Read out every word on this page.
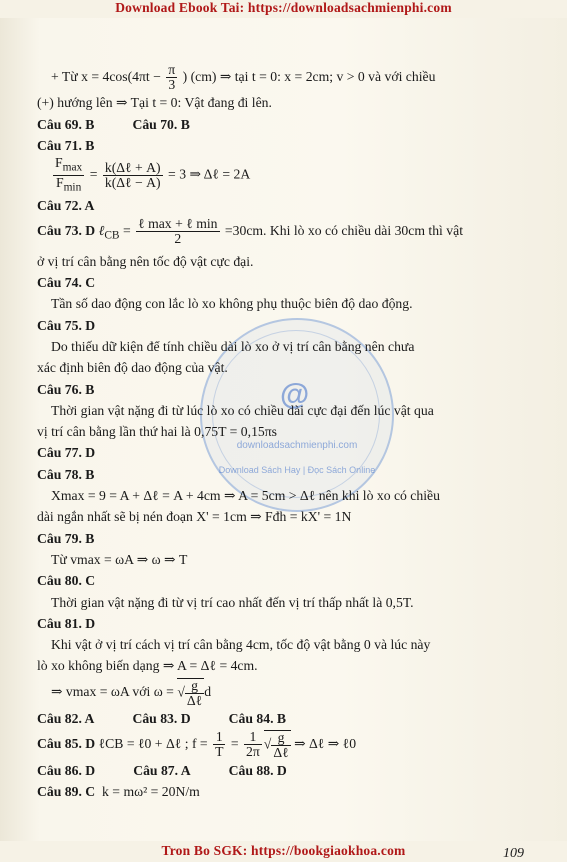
Download Ebook Tai: https://downloadsachmienphi.com
@
downloadsachmienphi.com
Download Sách Hay | Đọc Sách Online
+ Từ $x = 4\cos(4\pi t - \frac{\pi}{3}$ ) (cm) ⇒ tại t = 0: x = 2cm; v > 0 và với chiều
(+) hướng lên ⇒ Tại t = 0: Vật đang đi lên.
Câu 69. B	Câu 70. B
Câu 71. B
$\frac{F_{max}}{F_{min}} = \frac{\text{k(Δℓ + A)}}{\text{k(Δℓ − A)}} = 3$ ⇒ Δℓ = 2A
Câu 72. A
Câu 73. D ℓ$_{CB}$ = $\frac{\text{ℓ max + ℓ min}}{2} =30cm$. Khi lò xo có chiều dài 30cm thì vật
ở vị trí cân bằng nên tốc độ vật cực đại.
Câu 74. C
Tần số dao động con lắc lò xo không phụ thuộc biên độ dao động.
Câu 75. D
Do thiếu dữ kiện để tính chiều dài lò xo ở vị trí cân bằng nên chưa
xác định biên độ dao động của vật.
Câu 76. B
Thời gian vật nặng đi từ lúc lò xo có chiều dài cực đại đến lúc vật qua
vị trí cân bằng lần thứ hai là 0,75T = 0,15πs
Câu 77. D
Câu 78. B
Xmax = 9 = A + Δℓ = A + 4cm ⇒ A = 5cm > Δℓ nên khi lò xo có chiều
dài ngắn nhất sẽ bị nén đoạn X' = 1cm ⇒ Fđh = kX' = 1N
Câu 79. B
Từ vmax = ωA ⇒ ω ⇒ T
Câu 80. C
Thời gian vật nặng đi từ vị trí cao nhất đến vị trí thấp nhất là 0,5T.
Câu 81. D
Khi vật ở vị trí cách vị trí cân bằng 4cm, tốc độ vật bằng 0 và lúc này
lò xo không biến dạng ⇒ A = Δℓ = 4cm.
⇒ vmax = ωA với ω = √ $\frac{g}{\text{Δℓ}}$ d
Câu 82. A	Câu 83. D	Câu 84. B
Câu 85. D ℓCB = ℓ0 + Δℓ ; $f = \frac{1}{T} = \frac{1}{2\pi}$ √ $\frac{g}{\text{Δℓ}}$ ⇒ Δℓ ⇒ ℓ0
Câu 86. D	Câu 87. A	Câu 88. D
Câu 89. C k = mω² = 20N/m
109
Tron Bo SGK: https://bookgiaokhoa.com
